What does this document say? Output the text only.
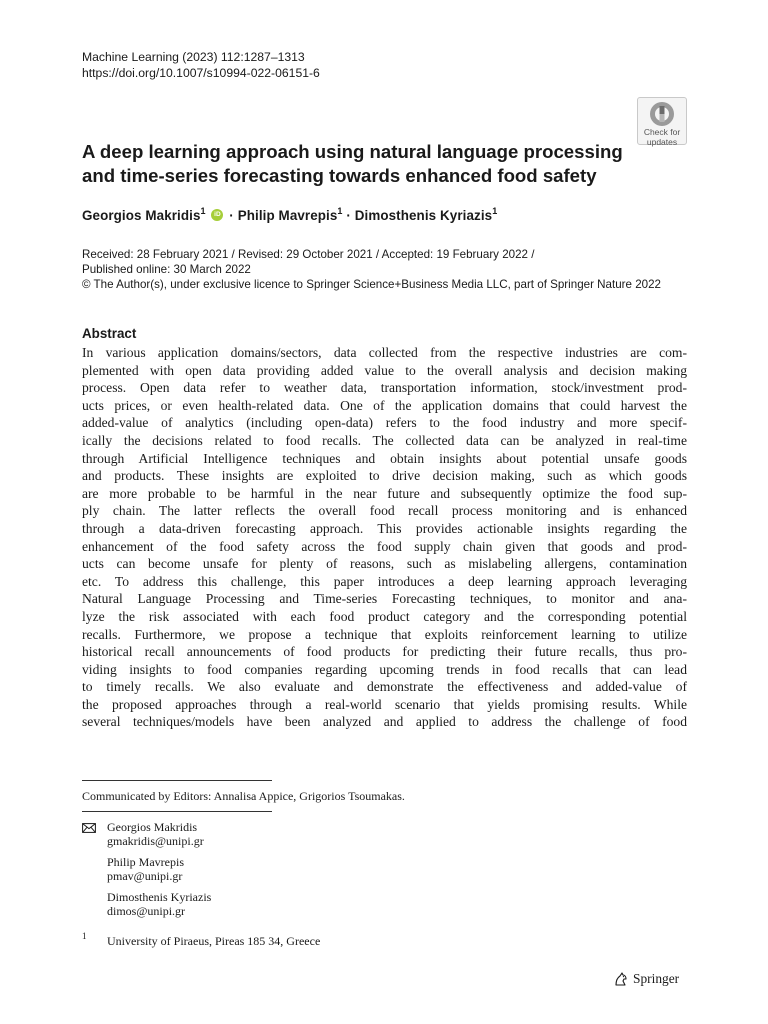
Machine Learning (2023) 112:1287–1313
https://doi.org/10.1007/s10994-022-06151-6
Check for
updates
A deep learning approach using natural language processing and time-series forecasting towards enhanced food safety
Georgios Makridis$^1$ iD · Philip Mavrepis$^1$ · Dimosthenis Kyriazis$^1$
Received: 28 February 2021 / Revised: 29 October 2021 / Accepted: 19 February 2022 /
Published online: 30 March 2022
© The Author(s), under exclusive licence to Springer Science+Business Media LLC, part of Springer Nature 2022
Abstract
In various application domains/sectors, data collected from the respective industries are com-
plemented with open data providing added value to the overall analysis and decision making
process. Open data refer to weather data, transportation information, stock/investment prod-
ucts prices, or even health-related data. One of the application domains that could harvest the
added-value of analytics (including open-data) refers to the food industry and more specif-
ically the decisions related to food recalls. The collected data can be analyzed in real-time
through Artificial Intelligence techniques and obtain insights about potential unsafe goods
and products. These insights are exploited to drive decision making, such as which goods
are more probable to be harmful in the near future and subsequently optimize the food sup-
ply chain. The latter reflects the overall food recall process monitoring and is enhanced
through a data-driven forecasting approach. This provides actionable insights regarding the
enhancement of the food safety across the food supply chain given that goods and prod-
ucts can become unsafe for plenty of reasons, such as mislabeling allergens, contamination
etc. To address this challenge, this paper introduces a deep learning approach leveraging
Natural Language Processing and Time-series Forecasting techniques, to monitor and ana-
lyze the risk associated with each food product category and the corresponding potential
recalls. Furthermore, we propose a technique that exploits reinforcement learning to utilize
historical recall announcements of food products for predicting their future recalls, thus pro-
viding insights to food companies regarding upcoming trends in food recalls that can lead
to timely recalls. We also evaluate and demonstrate the effectiveness and added-value of
the proposed approaches through a real-world scenario that yields promising results. While
several techniques/models have been analyzed and applied to address the challenge of food
Communicated by Editors: Annalisa Appice, Grigorios Tsoumakas.
Georgios Makridis
gmakridis@unipi.gr
Philip Mavrepis
pmav@unipi.gr
Dimosthenis Kyriazis
dimos@unipi.gr
1 University of Piraeus, Pireas 185 34, Greece
Springer
